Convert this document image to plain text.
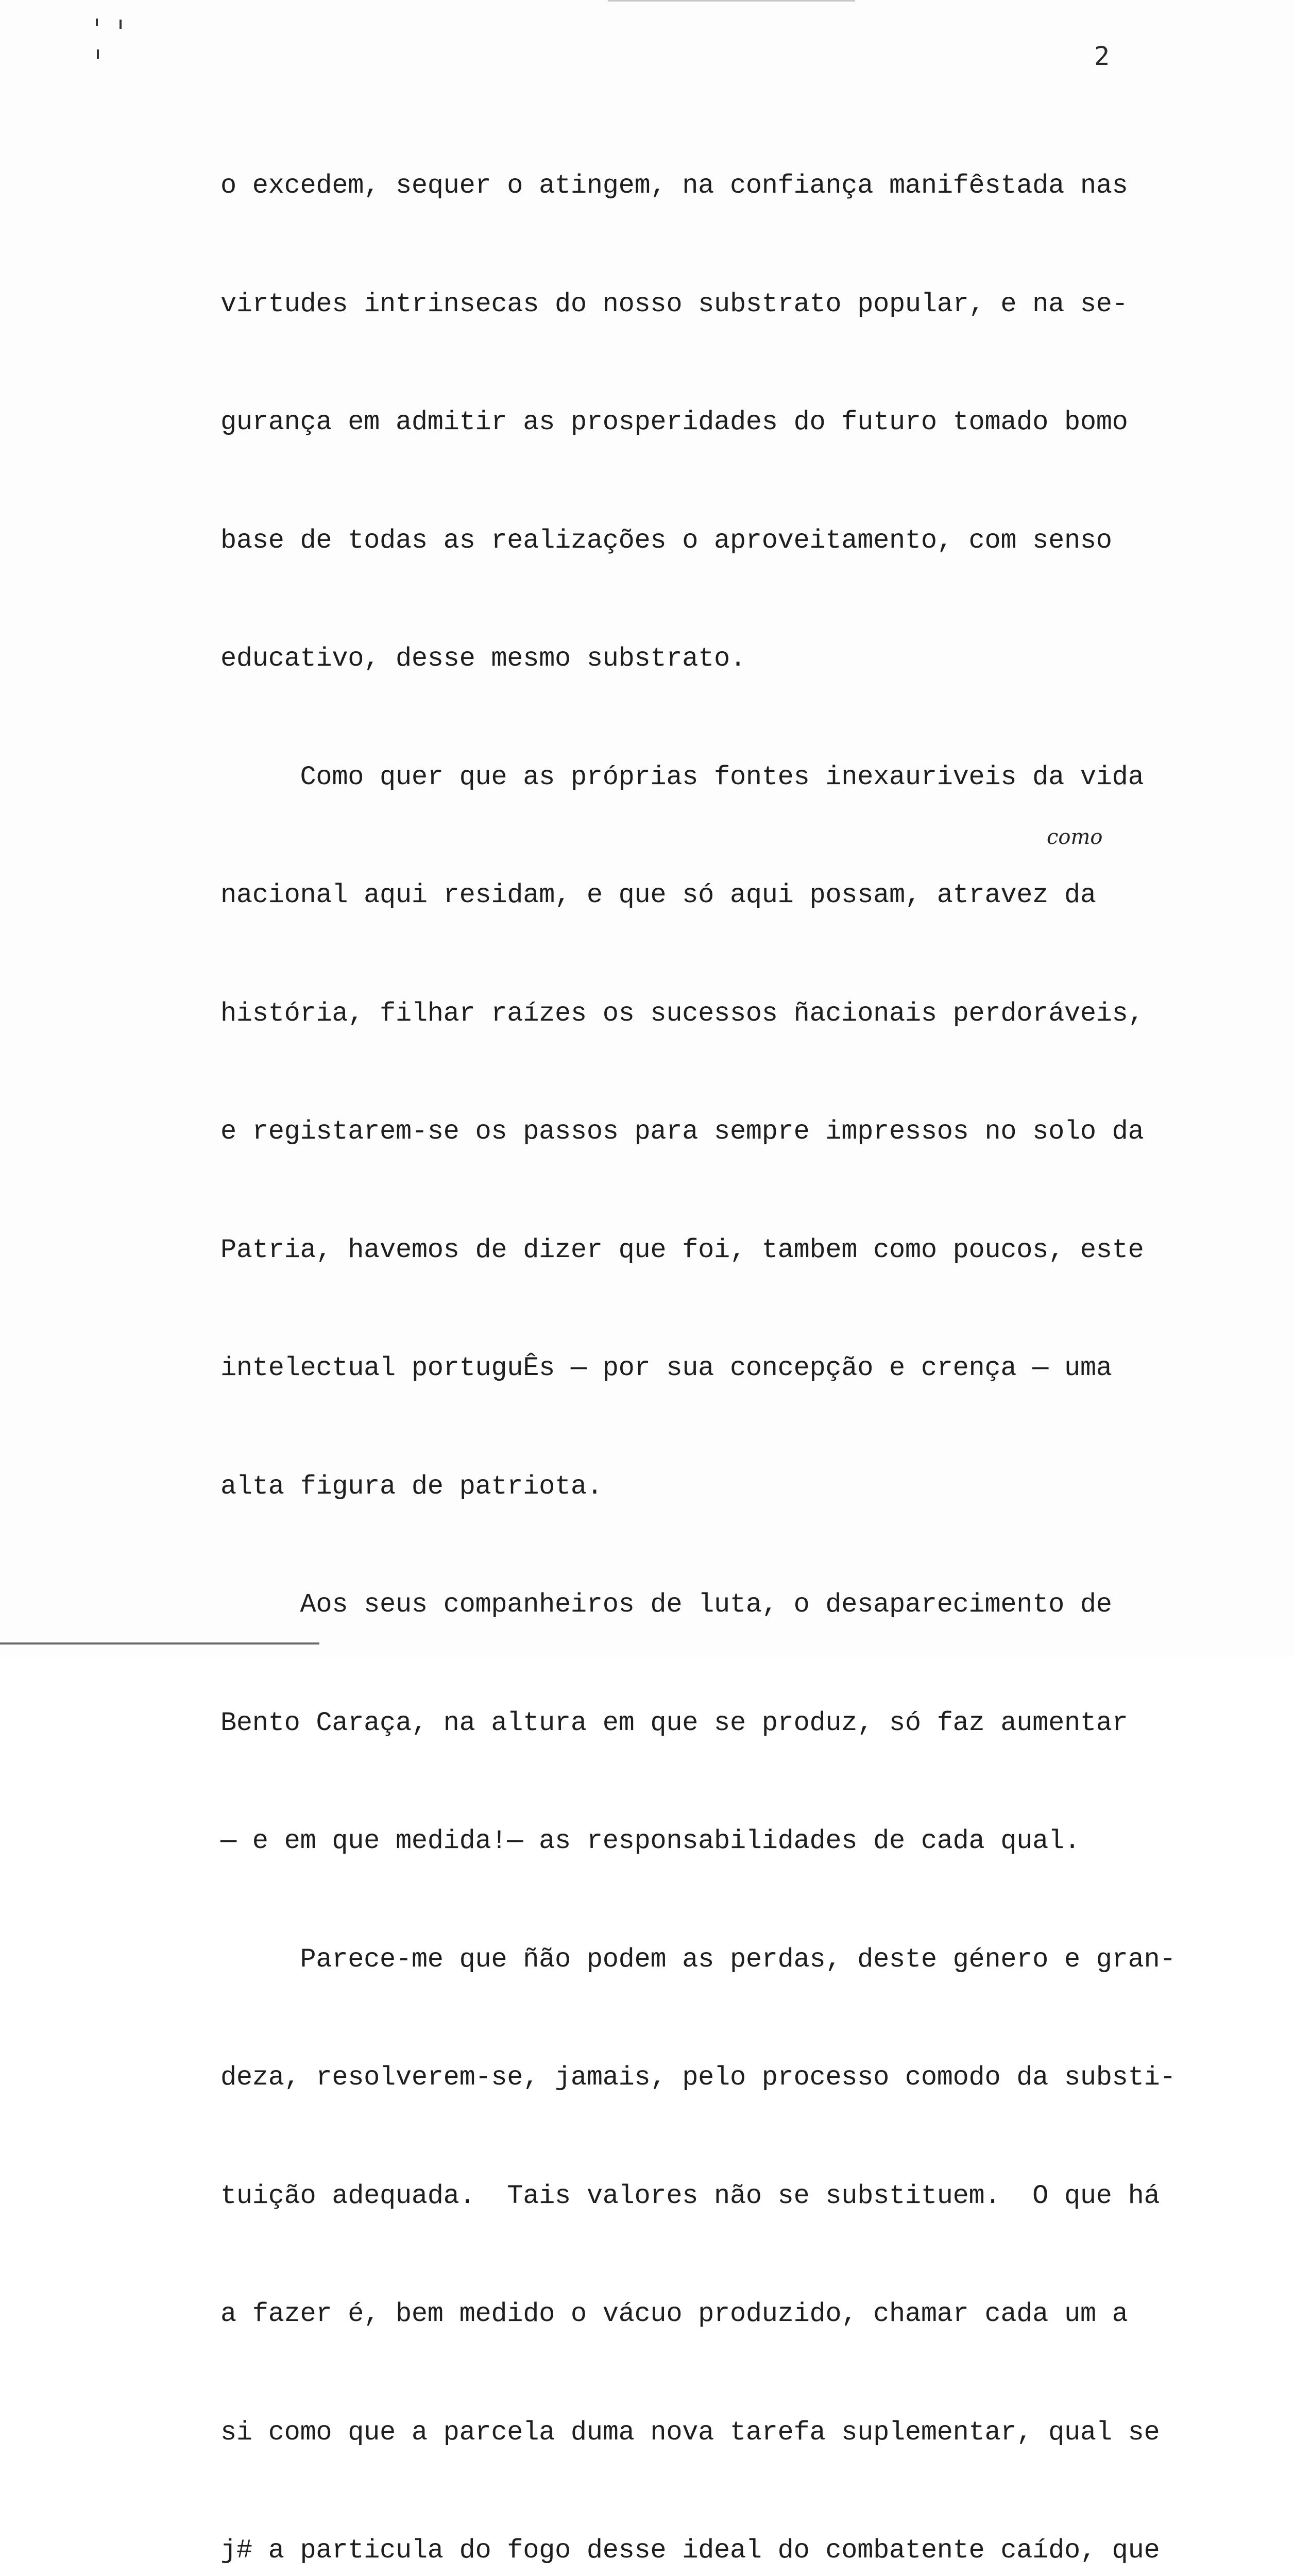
2
como

o excedem, sequer o atingem, na confiança manifêstada nas

virtudes intrinsecas do nosso substrato popular, e na se-

gurança em admitir as prosperidades do futuro tomado bomo

base de todas as realizações o aproveitamento, com senso

educativo, desse mesmo substrato.

Como quer que as próprias fontes inexauriveis da vida

nacional aqui residam, e que só aqui possam, atravez da

história, filhar raízes os sucessos ñacionais perdoráveis,

e registarem-se os passos para sempre impressos no solo da

Patria, havemos de dizer que foi, tambem como poucos, este

intelectual portuguÊs — por sua concepção e crença — uma

alta figura de patriota.

Aos seus companheiros de luta, o desaparecimento de

Bento Caraça, na altura em que se produz, só faz aumentar

— e em que medida!— as responsabilidades de cada qual.

Parece-me que ñão podem as perdas, deste género e gran-

deza, resolverem-se, jamais, pelo processo comodo da substi-

tuição adequada.  Tais valores não se substituem.  O que há

a fazer é, bem medido o vácuo produzido, chamar cada um a

si como que a parcela duma nova tarefa suplementar, qual se

j# a particula do fogo desse ideal do combatente caído, que
